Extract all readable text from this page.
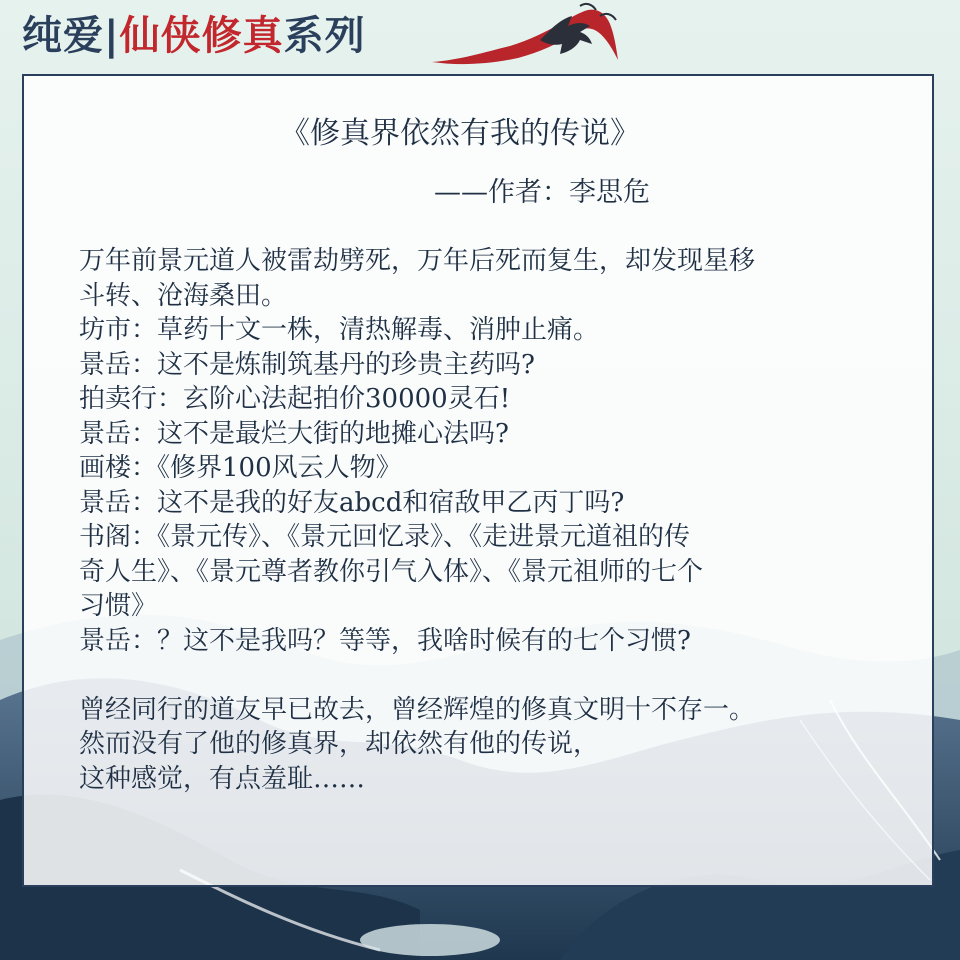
纯爱|仙侠修真系列
《修真界依然有我的传说》
——作者：李思危
万年前景元道人被雷劫劈死，万年后死而复生，却发现星移
斗转、沧海桑田。
坊市：草药十文一株，清热解毒、消肿止痛。
景岳：这不是炼制筑基丹的珍贵主药吗?
拍卖行：玄阶心法起拍价30000灵石!
景岳：这不是最烂大街的地摊心法吗?
画楼：《修界100风云人物》
景岳：这不是我的好友abcd和宿敌甲乙丙丁吗?
书阁：《景元传》、《景元回忆录》、《走进景元道祖的传
奇人生》、《景元尊者教你引气入体》、《景元祖师的七个
习惯》
景岳：？这不是我吗？等等，我啥时候有的七个习惯?
曾经同行的道友早已故去，曾经辉煌的修真文明十不存一。
然而没有了他的修真界，却依然有他的传说，
这种感觉，有点羞耻……
